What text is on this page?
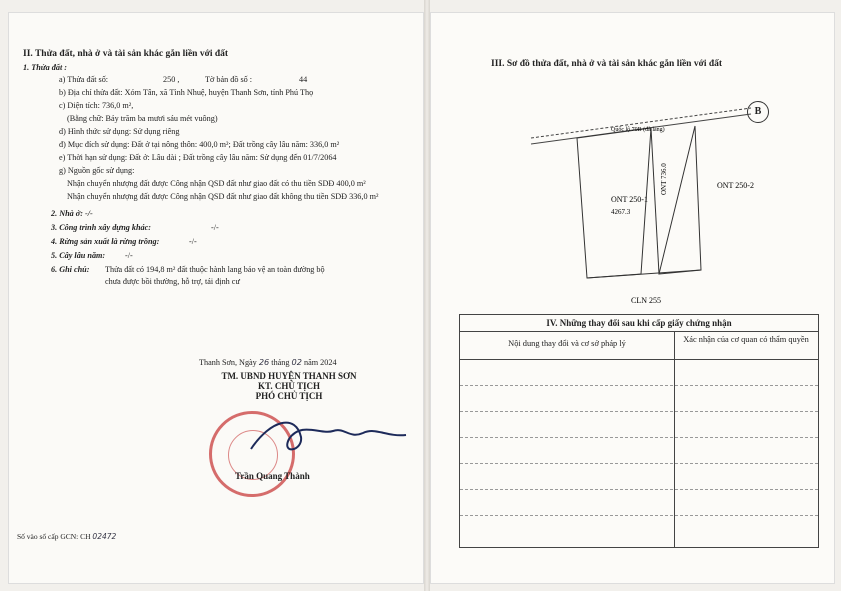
II. Thửa đất, nhà ở và tài sản khác gắn liền với đất
1. Thửa đất :
a) Thửa đất số:	250 ,	Tờ bản đồ số :	44
b) Địa chỉ thửa đất: Xóm Tân, xã Tình Nhuệ, huyện Thanh Sơn, tỉnh Phú Thọ
c) Diện tích: 736,0 m²,
(Bằng chữ: Bảy trăm ba mươi sáu mét vuông)
d) Hình thức sử dụng: Sử dụng riêng
đ) Mục đích sử dụng: Đất ở tại nông thôn: 400,0 m²; Đất trồng cây lâu năm: 336,0 m²
e) Thời hạn sử dụng: Đất ở: Lâu dài ; Đất trồng cây lâu năm: Sử dụng đến 01/7/2064
g) Nguồn gốc sử dụng:
Nhận chuyển nhượng đất được Công nhận QSD đất như giao đất có thu tiền SDĐ 400,0 m²
Nhận chuyển nhượng đất được Công nhận QSD đất như giao đất không thu tiền SDĐ 336,0 m²
2. Nhà ở: -/-
3. Công trình xây dựng khác:	-/-
4. Rừng sản xuất là rừng trồng:	-/-
5. Cây lâu năm: -/-
6. Ghi chú: Thửa đất có 194,8 m² đất thuộc hành lang bảo vệ an toàn đường bộ
chưa được bồi thường, hỗ trợ, tái định cư
Thanh Sơn, Ngày 26 tháng 02 năm 2024
TM. UBND HUYỆN THANH SƠN
KT. CHỦ TỊCH
PHÓ CHỦ TỊCH
Trần Quang Thành
Số vào sổ cấp GCN: CH 02472
III. Sơ đồ thửa đất, nhà ở và tài sản khác gắn liền với đất
B
Quốc lộ 70B (đã làng)
ONT 250-2
ONT 250-1
4267.3
ONT 736.0
CLN 255
IV. Những thay đổi sau khi cấp giấy chứng nhận
Nội dung thay đổi và cơ sở pháp lý	Xác nhận của cơ quan có thẩm quyền
